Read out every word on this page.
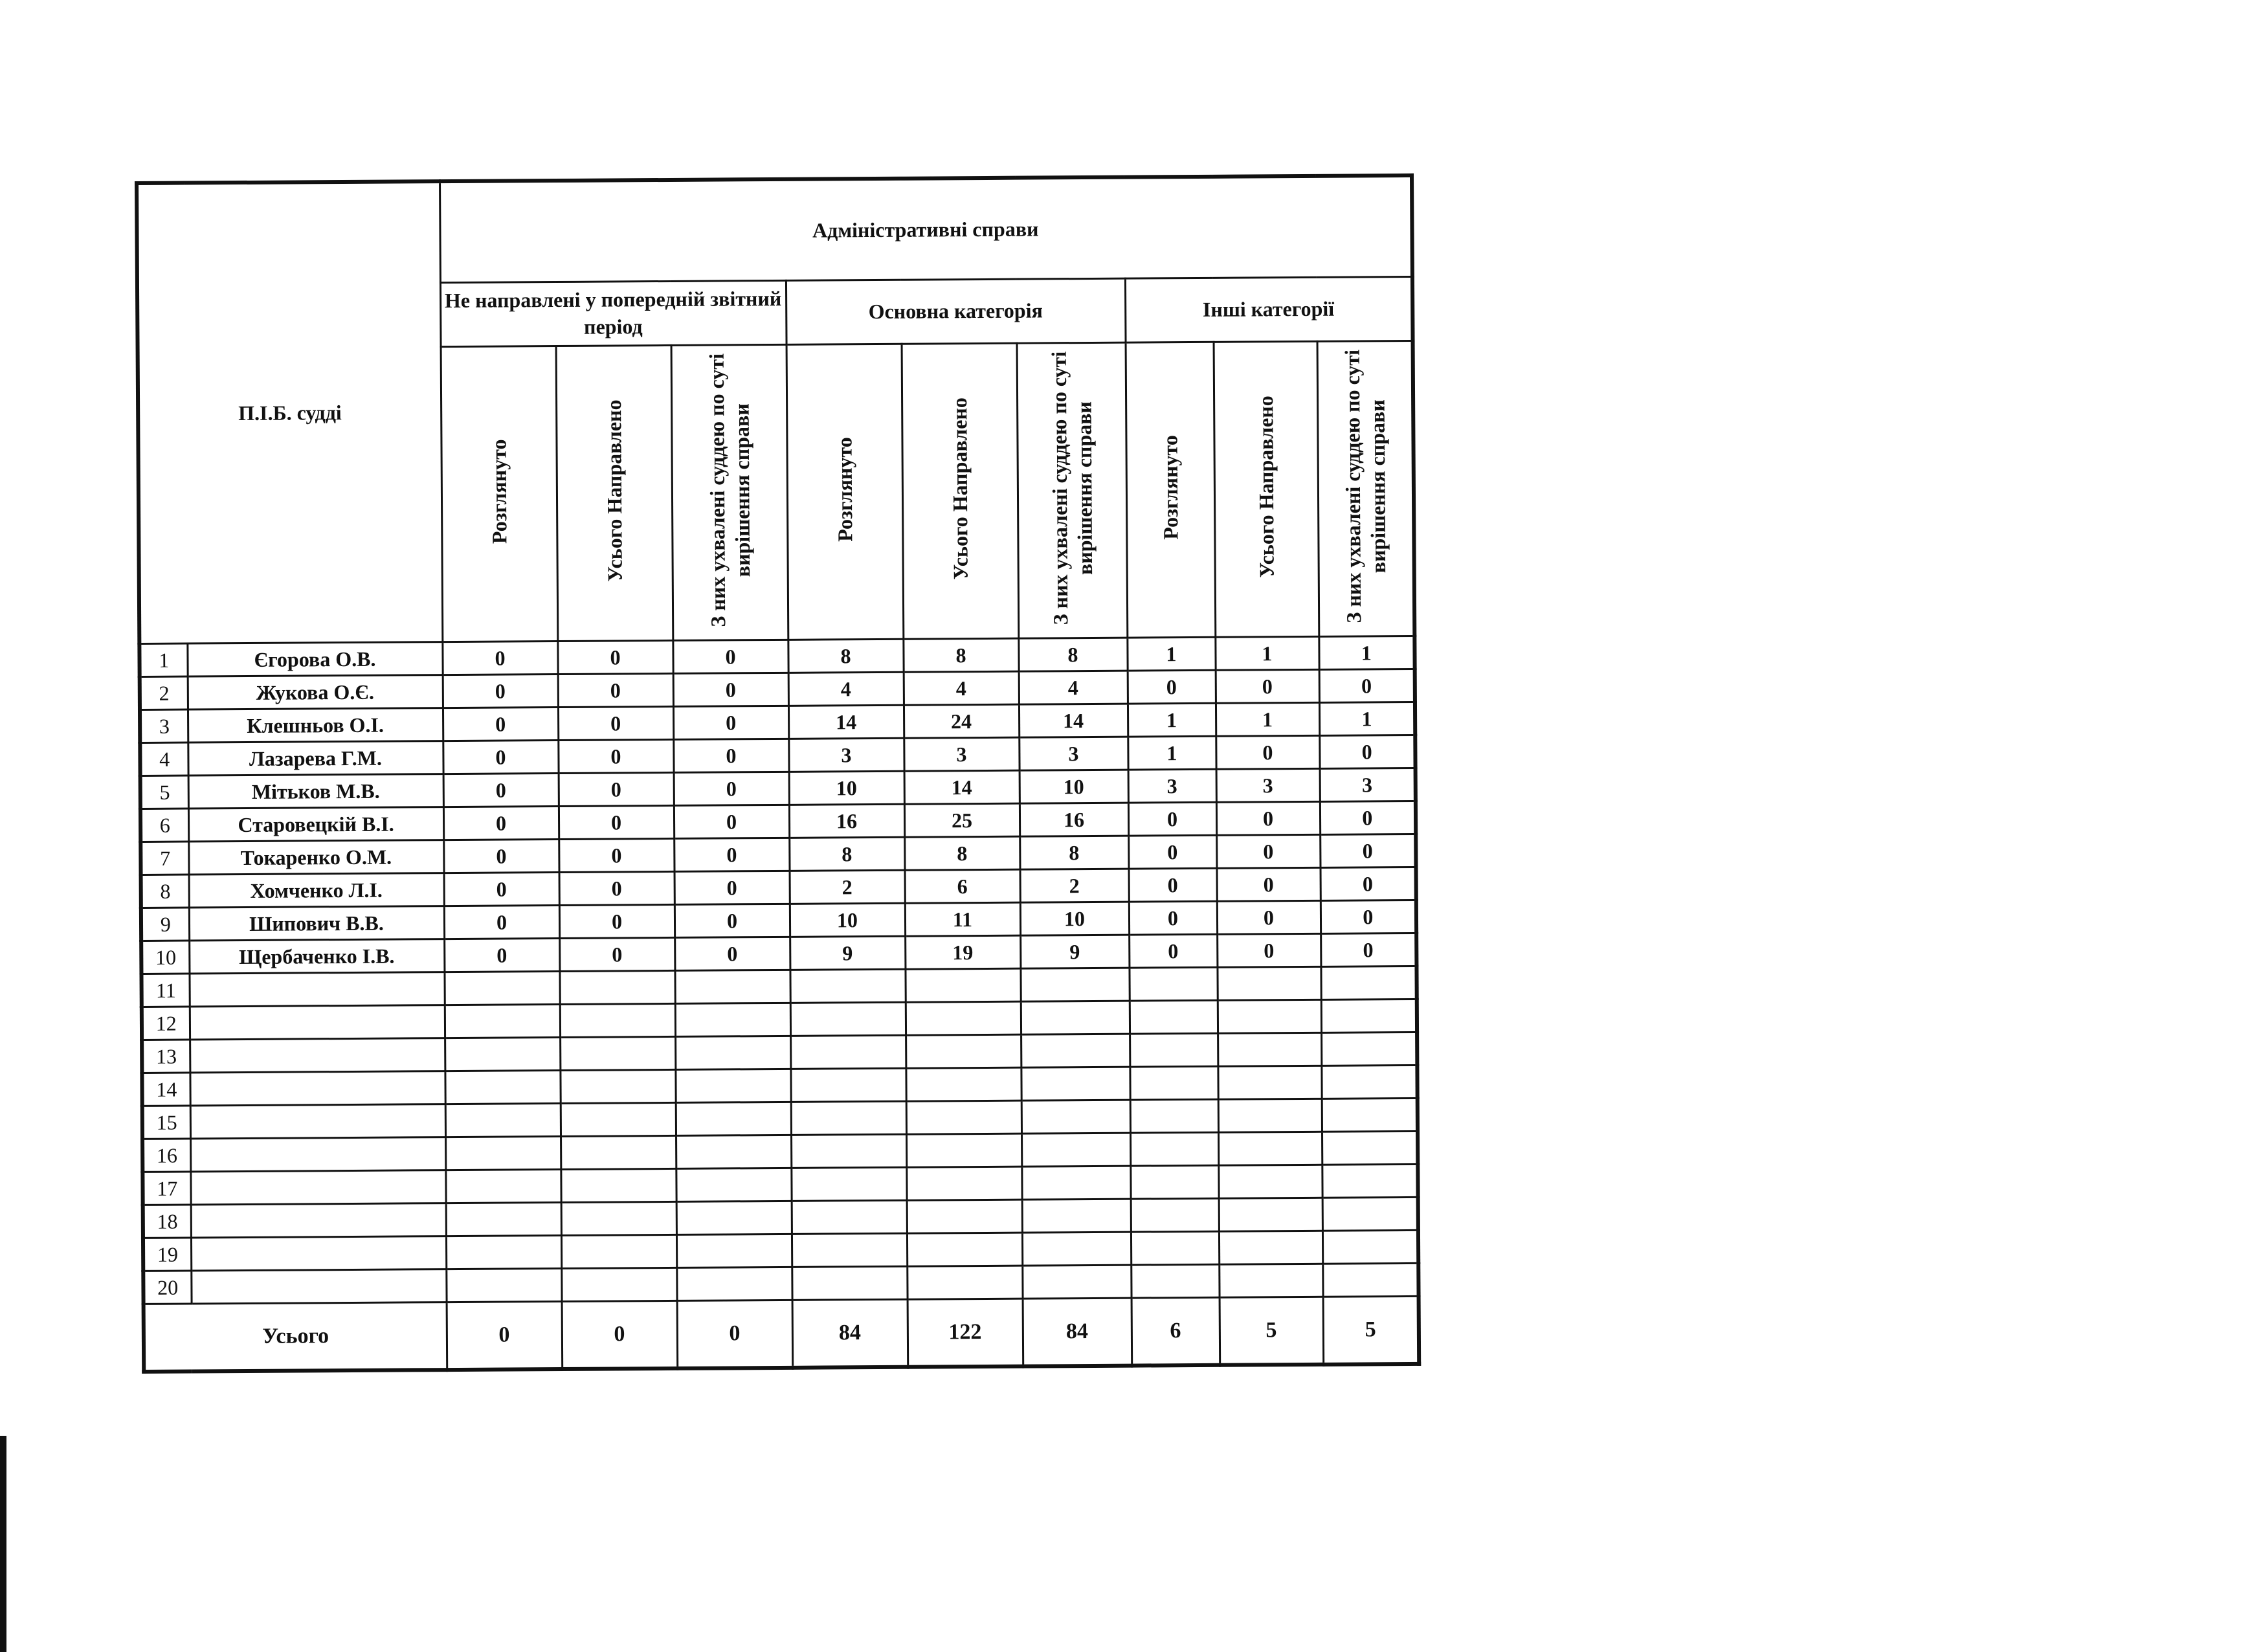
П.І.Б. судді		Адміністративні справи								
		Не направлені у попередній звітний період			Основна категорія			Інші категорії		
		Розглянуто	Усього Направлено	З них ухвалені суддею по суті вирішення справи	Розглянуто	Усього Направлено	З них ухвалені суддею по суті вирішення справи	Розглянуто	Усього Направлено	З них ухвалені суддею по суті вирішення справи
1	Єгорова О.В.	0	0	0	8	8	8	1	1	1
2	Жукова О.Є.	0	0	0	4	4	4	0	0	0
3	Клешньов О.І.	0	0	0	14	24	14	1	1	1
4	Лазарева Г.М.	0	0	0	3	3	3	1	0	0
5	Мітьков М.В.	0	0	0	10	14	10	3	3	3
6	Старовецкій В.І.	0	0	0	16	25	16	0	0	0
7	Токаренко О.М.	0	0	0	8	8	8	0	0	0
8	Хомченко Л.І.	0	0	0	2	6	2	0	0	0
9	Шипович В.В.	0	0	0	10	11	10	0	0	0
10	Щербаченко І.В.	0	0	0	9	19	9	0	0	0
11										
12										
13										
14										
15										
16										
17										
18										
19										
20										
Усього		0	0	0	84	122	84	6	5	5
